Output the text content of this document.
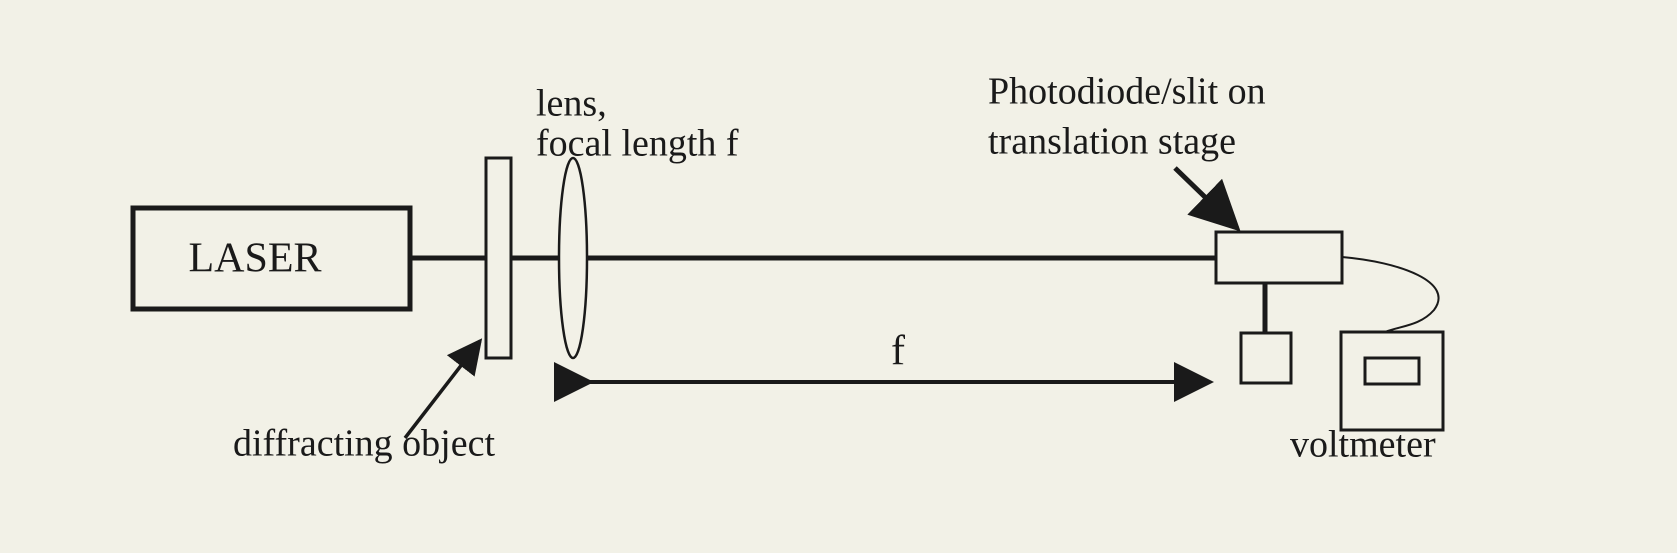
LASER
f
lens,
focal length f
Photodiode/slit on
translation stage
diffracting object	voltmeter
